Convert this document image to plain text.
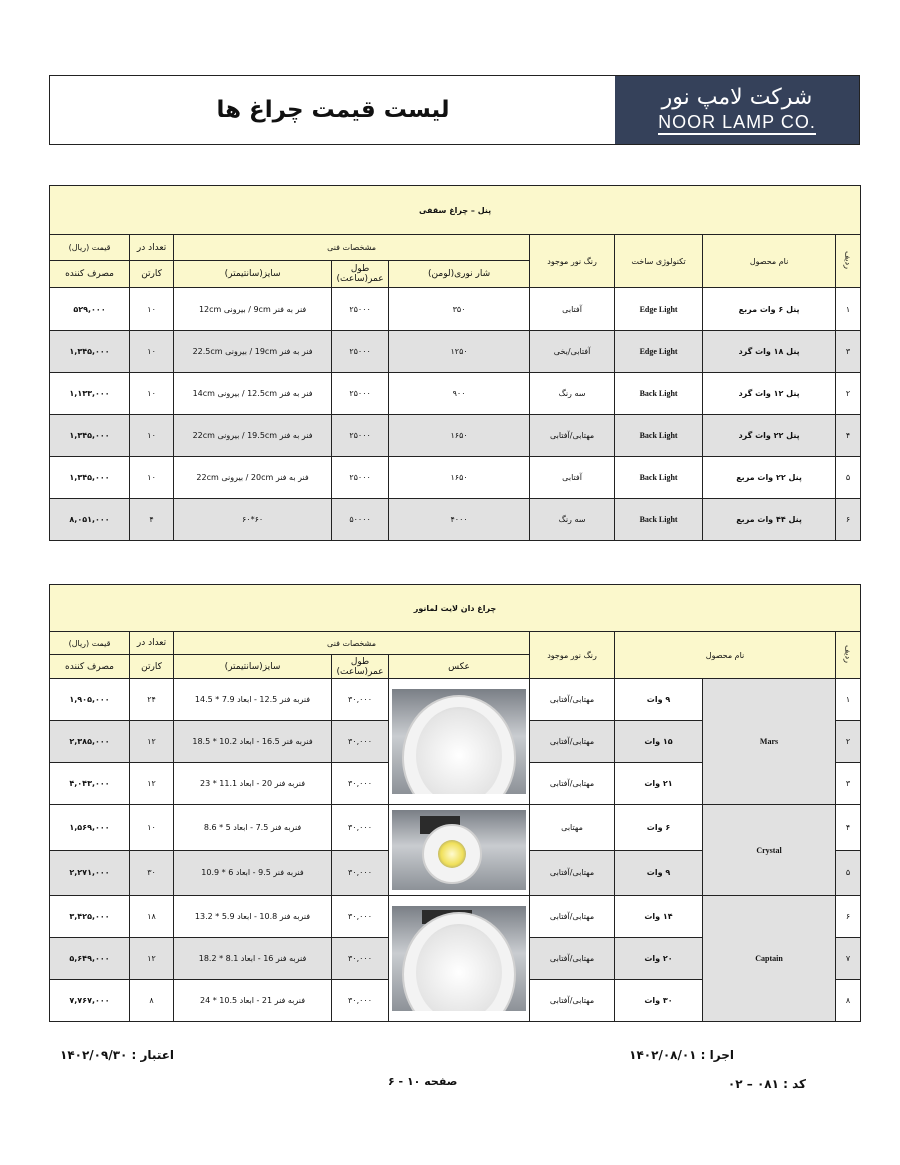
لیست قیمت چراغ ها	شرکت لامپ نور
NOOR LAMP CO.
پنل – چراغ سقفی								
ردیف	نام محصول	تکنولوژی ساخت	رنگ نور موجود	مشخصات فنی			تعداد در	قیمت (ریال)
				شار نوری(لومن)	طول عمر(ساعت)	سایز(سانتیمتر)	کارتن	مصرف کننده
۱	پنل ۶ وات مربع	Edge Light	آفتابی	۳۵۰	۲۵۰۰۰	فنر به فنر 9cm / بیرونی 12cm	۱۰	۵۲۹,۰۰۰
۳	پنل ۱۸ وات گرد	Edge Light	آفتابی/یخی	۱۲۵۰	۲۵۰۰۰	فنر به فنر 19cm / بیرونی 22.5cm	۱۰	۱,۳۴۵,۰۰۰
۲	پنل ۱۲ وات گرد	Back Light	سه رنگ	۹۰۰	۲۵۰۰۰	فنر به فنر 12.5cm / بیرونی 14cm	۱۰	۱,۱۳۳,۰۰۰
۴	پنل ۲۲ وات گرد	Back Light	مهتابی/آفتابی	۱۶۵۰	۲۵۰۰۰	فنر به فنر 19.5cm / بیرونی 22cm	۱۰	۱,۳۴۵,۰۰۰
۵	پنل ۲۲ وات مربع	Back Light	آفتابی	۱۶۵۰	۲۵۰۰۰	فنر به فنر 20cm / بیرونی 22cm	۱۰	۱,۳۴۵,۰۰۰
۶	پنل ۴۴ وات مربع	Back Light	سه رنگ	۴۰۰۰	۵۰۰۰۰	۶۰*۶۰	۴	۸,۰۵۱,۰۰۰
چراغ دان لایت لمانور								
ردیف	نام محصول		رنگ نور موجود	مشخصات فنی			تعداد در	قیمت (ریال)
				عکس	طول عمر(ساعت)	سایز(سانتیمتر)	کارتن	مصرف کننده
۱	Mars	۹ وات	مهتابی/آفتابی		۳۰,۰۰۰	فنربه فنر 12.5 - ابعاد 7.9 * 14.5	۲۴	۱,۹۰۵,۰۰۰
۲		۱۵ وات	مهتابی/آفتابی		۳۰,۰۰۰	فنربه فنر 16.5 - ابعاد 10.2 * 18.5	۱۲	۲,۳۸۵,۰۰۰
۳		۲۱ وات	مهتابی/آفتابی		۳۰,۰۰۰	فنربه فنر 20 - ابعاد 11.1 * 23	۱۲	۴,۰۴۳,۰۰۰
۴	Crystal	۶ وات	مهتابی		۳۰,۰۰۰	فنربه فنر 7.5 - ابعاد 5 * 8.6	۱۰	۱,۵۶۹,۰۰۰
۵		۹ وات	مهتابی/آفتابی		۳۰,۰۰۰	فنربه فنر 9.5 - ابعاد 6 * 10.9	۳۰	۲,۲۷۱,۰۰۰
۶	Captain	۱۴ وات	مهتابی/آفتابی		۳۰,۰۰۰	فنربه فنر 10.8 - ابعاد 5.9 * 13.2	۱۸	۳,۴۲۵,۰۰۰
۷		۲۰ وات	مهتابی/آفتابی		۳۰,۰۰۰	فنربه فنر 16 - ابعاد 8.1 * 18.2	۱۲	۵,۶۴۹,۰۰۰
۸		۳۰ وات	مهتابی/آفتابی		۳۰,۰۰۰	فنربه فنر 21 - ابعاد 10.5 * 24	۸	۷,۷۶۷,۰۰۰
اجرا : ۱۴۰۲/۰۸/۰۱
اعتبار : ۱۴۰۲/۰۹/۳۰
کد : ۰۸۱ – ۰۲
صفحه ۱۰ - ۶
